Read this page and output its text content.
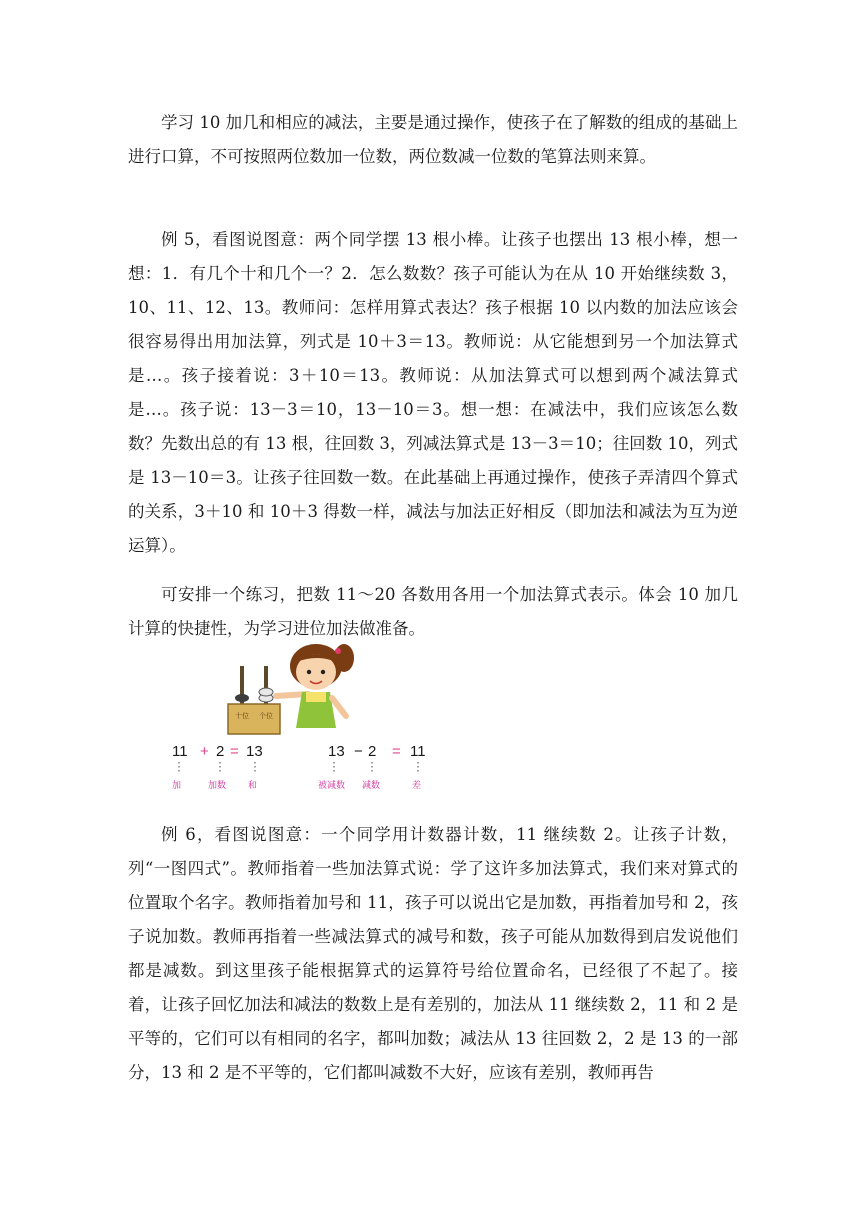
学习 10 加几和相应的减法，主要是通过操作，使孩子在了解数的组成的基础上进行口算，不可按照两位数加一位数，两位数减一位数的笔算法则来算。

例 5，看图说图意：两个同学摆 13 根小棒。让孩子也摆出 13 根小棒，想一想：1．有几个十和几个一？2．怎么数数？孩子可能认为在从 10 开始继续数 3，10、11、12、13。教师问：怎样用算式表达？孩子根据 10 以内数的加法应该会很容易得出用加法算，列式是 10＋3＝13。教师说：从它能想到另一个加法算式是…。孩子接着说：3＋10＝13。教师说：从加法算式可以想到两个减法算式是…。孩子说：13－3＝10，13－10＝3。想一想：在减法中，我们应该怎么数数？先数出总的有 13 根，往回数 3，列减法算式是 13－3＝10；往回数 10，列式是 13－10＝3。让孩子往回数一数。在此基础上再通过操作，使孩子弄清四个算式的关系，3＋10 和 10＋3 得数一样，减法与加法正好相反（即加法和减法为互为逆运算）。

可安排一个练习，把数 11～20 各数用各用一个加法算式表示。体会 10 加几计算的快捷性，为学习进位加法做准备。

十位 个位
11 + 2 = 13	13 − 2 = 11
加	加数 和	被减数 减数	差

例 6，看图说图意：一个同学用计数器计数，11 继续数 2。让孩子计数，列“一图四式”。教师指着一些加法算式说：学了这许多加法算式，我们来对算式的位置取个名字。教师指着加号和 11，孩子可以说出它是加数，再指着加号和 2，孩子说加数。教师再指着一些减法算式的减号和数，孩子可能从加数得到启发说他们都是减数。到这里孩子能根据算式的运算符号给位置命名，已经很了不起了。接着，让孩子回忆加法和减法的数数上是有差别的，加法从 11 继续数 2，11 和 2 是平等的，它们可以有相同的名字，都叫加数；减法从 13 往回数 2，2 是 13 的一部分，13 和 2 是不平等的，它们都叫减数不大好，应该有差别，教师再告
